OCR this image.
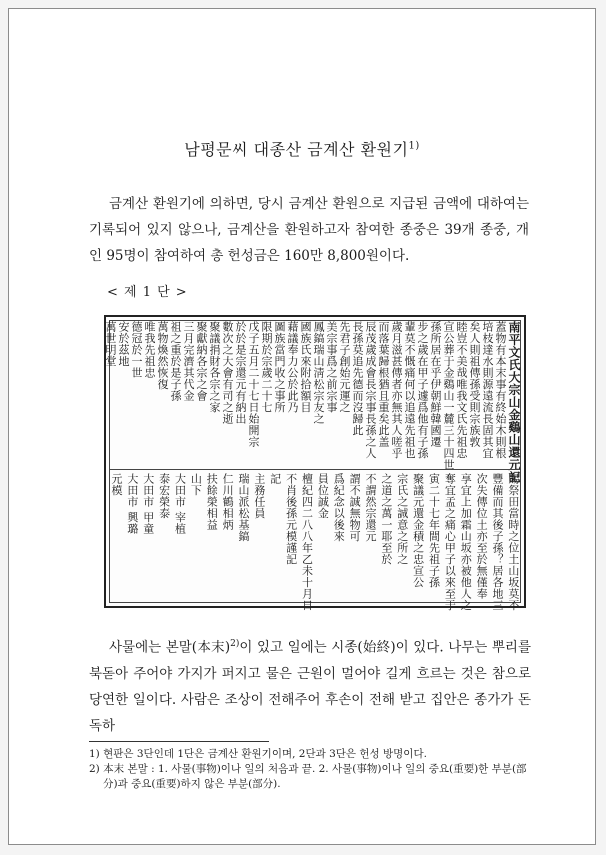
남평문씨 대종산 금계산 환원기$^{1)}$
금계산 환원기에 의하면, 당시 금계산 환원으로 지급된 금액에 대하여는 기록되어 있지 않으나, 금계산을 환원하고자 참여한 종중은 39개 종중, 개인 95명이 참여하여 총 헌성금은 160만 8,800원이다.
< 제 1 단 >
南平文氏大宗山金鷄山還元記
蓋物有本末事有終始木則根
培枝達水則源遠流長固其宜
矣人則祖傳孫受則宗族敦
睦豈不美哉唯我文氏先祖忠
宣公葬于金鷄山一麓三十四世
孫所居在乎伊朝鮮韓國遷
步之歲在甲子遽爲他有子孫
輩莫不慨痛何以追遠先祖也
歲月滋甚傳者亦無其人嗟乎
而落葉歸根猶且重矣此盖
辰茂歲成會長宗事長孫之人
長孫莫追先德而沒歸此
先君子創始元運之
美宗事爲之前宗事
鳳鎬瑞山淸松宗友之
國族氏來附拾額目
藉議奉力公於此乃
圖族當門收之事所
限期於宗歲二十七
戊子五月二十七日始開宗
於於是宗還元有納出
數次之大會有司之逝
聚議捐財各宗之家
聚獻納各宗之會
三月完濟其代金
祖之重於是子孫
萬物煥然恢復
唯我先祖忠
德冠於一世
安於茲地
萬世明堂
賜祭田當時之位土山坂莫不
豐備而其後子孫？居各地三
次失傳位土亦至於無僅奉
享宜上加霜山坂亦被他人之
奪宜孟之痛心甲子以來至于
寅二十七年間先祖子孫
聚議元還金積之忠宣公
宗氏之誠意之所之
之道之萬一耶至於
不謂然宗還元
謂不誠無物可
爲紀念以後來
員位誠金
檀紀四二八八年乙未十月日
不肖後孫元模謹記
記
主務任員
瑞山派松基鎬
仁川鶴相炳
扶餘榮相益
山下
大田市 宰植
泰宏榮泰
大田市 甲童
大田市 興璐
元模
사물에는 본말(本末)$^{2)}$이 있고 일에는 시종(始終)이 있다. 나무는 뿌리를 북돋아 주어야 가지가 퍼지고 물은 근원이 멀어야 길게 흐르는 것은 참으로 당연한 일이다. 사람은 조상이 전해주어 후손이 전해 받고 집안은 종가가 돈독하

1) 현판은 3단인데 1단은 금계산 환원기이며, 2단과 3단은 헌성 방명이다.

2) 本末 본말 : 1. 사물(事物)이나 일의 처음과 끝. 2. 사물(事物)이나 일의 중요(重要)한 부분(部分)과 중요(重要)하지 않은 부분(部分).
